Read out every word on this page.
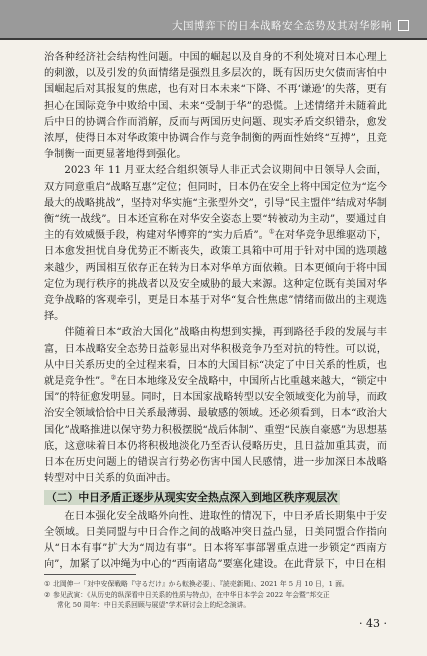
大国博弈下的日本战略安全态势及其对华影响

治各种经济社会结构性问题。中国的崛起以及自身的不利处境对日本心理上的刺激，以及引发的负面情绪是强烈且多层次的，既有因历史欠债而害怕中国崛起后对其报复的焦虑，也有对日本未来“下降、不再‘谦逊’的失落，更有担心在国际竞争中败给中国、未来“受制于华”的恐慌。上述情绪并未随着此后中日的协调合作而消解，反而与两国历史问题、现实矛盾交织错杂，愈发浓厚，使得日本对华政策中协调合作与竞争制衡的两面性始终“互搏”，且竞争制衡一面更显著地得到强化。

2023 年 11 月亚太经合组织领导人非正式会议期间中日领导人会面，双方同意重启“战略互惠”定位；但同时，日本仍在安全上将中国定位为“迄今最大的战略挑战”，坚持对华实施“主张型外交”，引导“民主盟伴”结成对华制衡“统一战线”。日本还宣称在对华安全姿态上要“转被动为主动”，要通过自主的有效威慑手段，构建对华博弈的“实力后盾”。①在对华竞争思维驱动下，日本愈发担忧自身优势正不断丧失，政策工具箱中可用于针对中国的选项越来越少，两国相互依存正在转为日本对华单方面依赖。日本更倾向于将中国定位为现行秩序的挑战者以及安全威胁的最大来源。这种定位既有美国对华竞争战略的客观牵引，更是日本基于对华“复合性焦虑”情绪而做出的主观选择。

伴随着日本“政治大国化”战略由构想到实操，再到路径手段的发展与丰富，日本战略安全态势日益彰显出对华积极竞争乃至对抗的特性。可以说，从中日关系历史的全过程来看，日本的大国目标“决定了中日关系的性质，也就是竞争性”。②在日本地缘及安全战略中，中国所占比重越来越大，“锁定中国”的特征愈发明显。同时，日本国家战略转型以安全领域变化为前导，而政治安全领域恰恰中日关系最薄弱、最敏感的领域。还必须看到，日本“政治大国化”战略推进以保守势力积极摆脱“战后体制”、重塑“民族自豪感”为思想基底，这意味着日本仍将积极地淡化乃至否认侵略历史，且日益加重其责，而日本在历史问题上的错误言行势必伤害中国人民感情，进一步加深日本战略转型对中日关系的负面冲击。

（二）中日矛盾正逐步从现实安全热点深入到地区秩序观层次

在日本强化安全战略外向性、进取性的情况下，中日矛盾长期集中于安全领域。日美同盟与中日合作之间的战略冲突日益凸显，日美同盟合作指向从“日本有事”扩大为“周边有事”。日本将军事部署重点进一步锁定“西南方向”，加紧了以冲绳为中心的“西南诸岛”要塞化建设。在此背景下，中日在相

① 北岡伸一「対中安保戦略『守るだけ』から転換必要」、『読売新聞』、2021 年 5 月 10 日，1 面。
② 参见武寅：《从历史的纵深看中日关系的性质与特点》，在中华日本学会 2022 年会暨“邦交正
常化 50 周年：中日关系回顾与展望”学术研讨会上的纪念演讲。
· 43 ·
